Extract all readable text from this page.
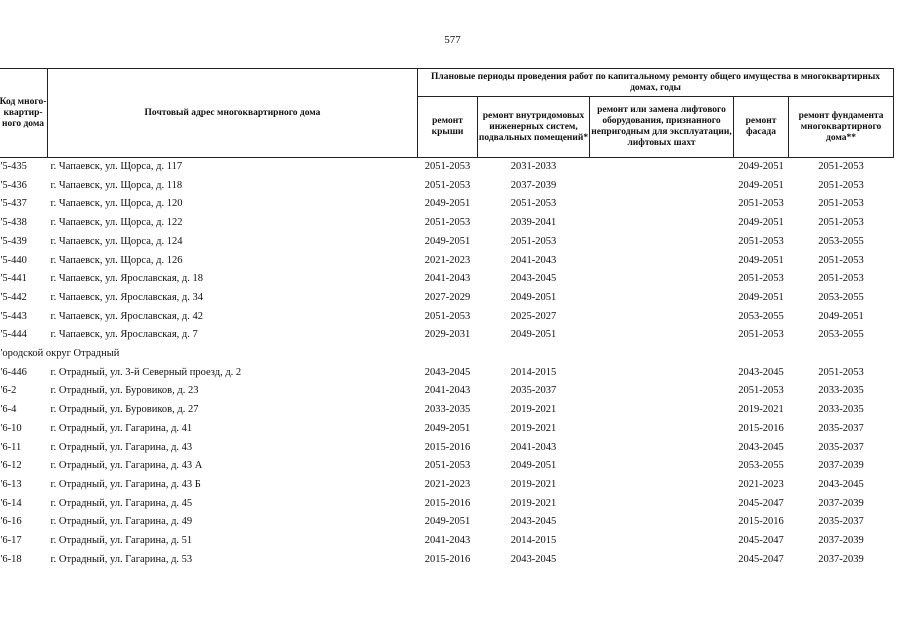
577
Код много-квартир-ного дома	Почтовый адрес многоквартирного дома	Плановые периоды проведения работ по капитальному ремонту общего имущества в многоквартирных домах, годы				
		ремонт крыши	ремонт внутридомовых инженерных систем, подвальных помещений*	ремонт или замена лифтового оборудования, признанного непригодным для эксплуатации, лифтовых шахт	ремонт фасада	ремонт фундамента многоквартирного дома**
'5-435	г. Чапаевск, ул. Щорса, д. 117	2051-2053	2031-2033		2049-2051	2051-2053
'5-436	г. Чапаевск, ул. Щорса, д. 118	2051-2053	2037-2039		2049-2051	2051-2053
'5-437	г. Чапаевск, ул. Щорса, д. 120	2049-2051	2051-2053		2051-2053	2051-2053
'5-438	г. Чапаевск, ул. Щорса, д. 122	2051-2053	2039-2041		2049-2051	2051-2053
'5-439	г. Чапаевск, ул. Щорса, д. 124	2049-2051	2051-2053		2051-2053	2053-2055
'5-440	г. Чапаевск, ул. Щорса, д. 126	2021-2023	2041-2043		2049-2051	2051-2053
'5-441	г. Чапаевск, ул. Ярославская, д. 18	2041-2043	2043-2045		2051-2053	2051-2053
'5-442	г. Чапаевск, ул. Ярославская, д. 34	2027-2029	2049-2051		2049-2051	2053-2055
'5-443	г. Чапаевск, ул. Ярославская, д. 42	2051-2053	2025-2027		2053-2055	2049-2051
'5-444	г. Чапаевск, ул. Ярославская, д. 7	2029-2031	2049-2051		2051-2053	2053-2055
'ородской округ Отрадный						
'6-446	г. Отрадный, ул. 3-й Северный проезд, д. 2	2043-2045	2014-2015		2043-2045	2051-2053
'6-2	г. Отрадный, ул. Буровиков, д. 23	2041-2043	2035-2037		2051-2053	2033-2035
'6-4	г. Отрадный, ул. Буровиков, д. 27	2033-2035	2019-2021		2019-2021	2033-2035
'6-10	г. Отрадный, ул. Гагарина, д. 41	2049-2051	2019-2021		2015-2016	2035-2037
'6-11	г. Отрадный, ул. Гагарина, д. 43	2015-2016	2041-2043		2043-2045	2035-2037
'6-12	г. Отрадный, ул. Гагарина, д. 43 А	2051-2053	2049-2051		2053-2055	2037-2039
'6-13	г. Отрадный, ул. Гагарина, д. 43 Б	2021-2023	2019-2021		2021-2023	2043-2045
'6-14	г. Отрадный, ул. Гагарина, д. 45	2015-2016	2019-2021		2045-2047	2037-2039
'6-16	г. Отрадный, ул. Гагарина, д. 49	2049-2051	2043-2045		2015-2016	2035-2037
'6-17	г. Отрадный, ул. Гагарина, д. 51	2041-2043	2014-2015		2045-2047	2037-2039
'6-18	г. Отрадный, ул. Гагарина, д. 53	2015-2016	2043-2045		2045-2047	2037-2039
